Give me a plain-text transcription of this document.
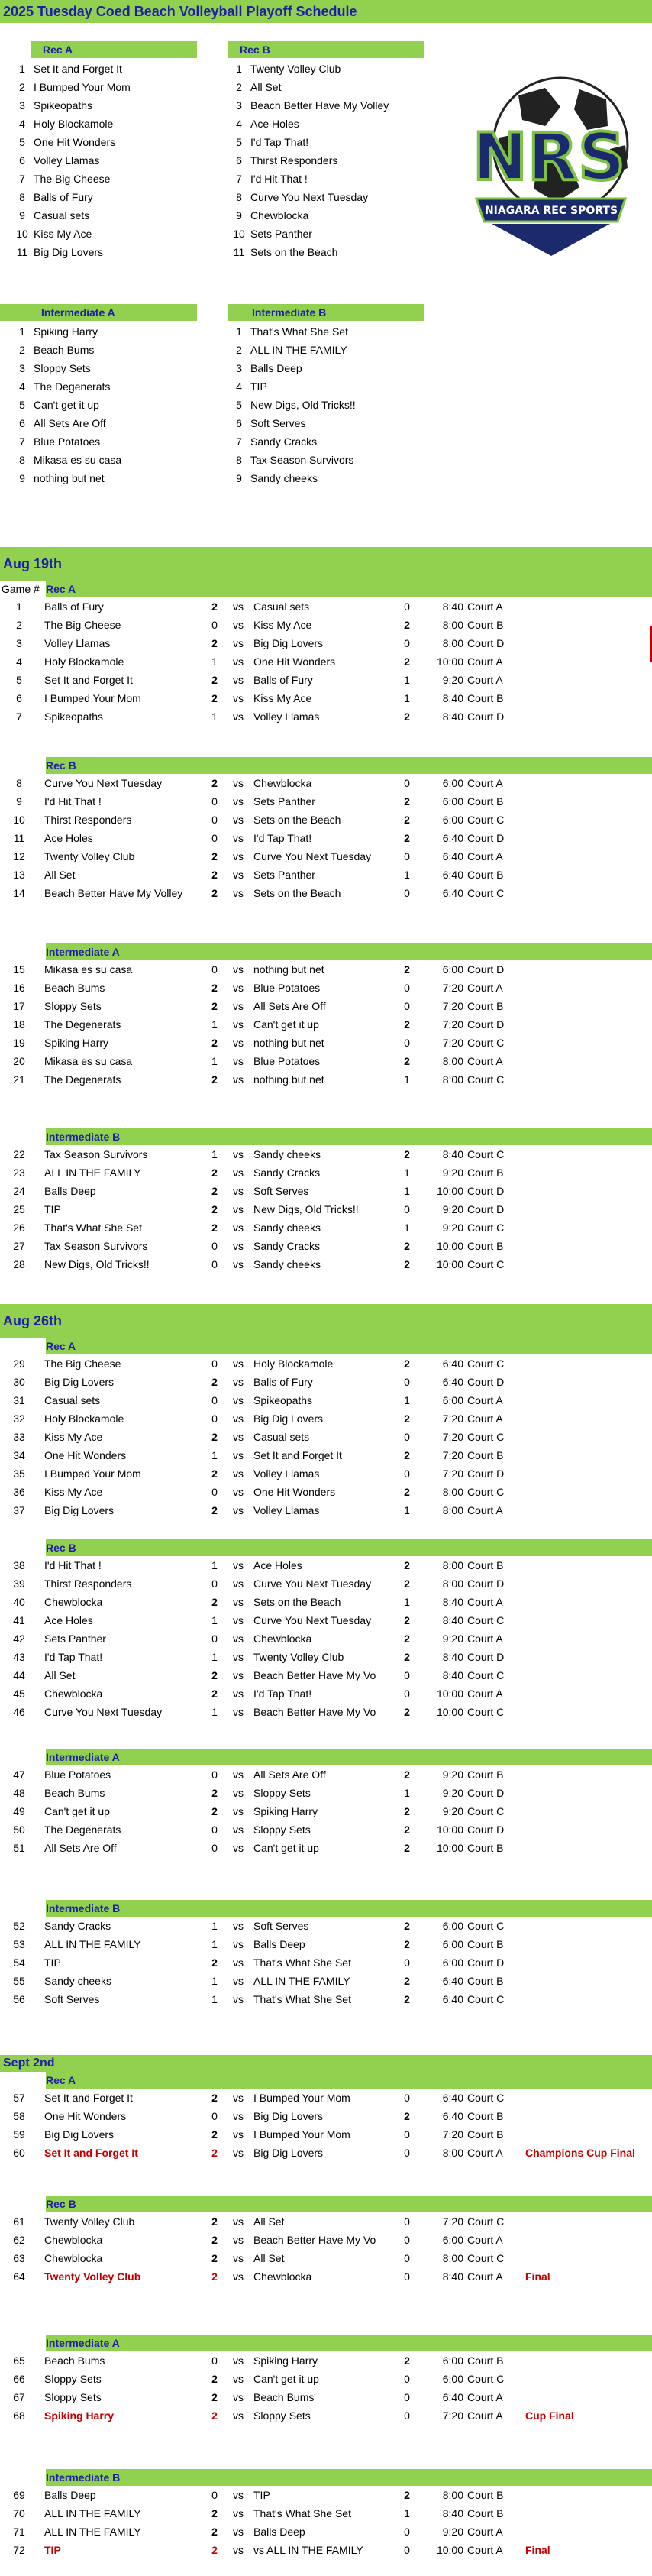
2025 Tuesday Coed Beach Volleyball Playoff Schedule
Rec A
1 Set It and Forget It
2 I Bumped Your Mom
3 Spikeopaths
4 Holy Blockamole
5 One Hit Wonders
6 Volley Llamas
7 The Big Cheese
8 Balls of Fury
9 Casual sets
10 Kiss My Ace
11 Big Dig Lovers
Rec B
1 Twenty Volley Club
2 All Set
3 Beach Better Have My Volley
4 Ace Holes
5 I'd Tap That!
6 Thirst Responders
7 I'd Hit That !
8 Curve You Next Tuesday
9 Chewblocka
10 Sets Panther
11 Sets on the Beach
Intermediate A
1 Spiking Harry
2 Beach Bums
3 Sloppy Sets
4 The Degenerats
5 Can't get it up
6 All Sets Are Off
7 Blue Potatoes
8 Mikasa es su casa
9 nothing but net
Intermediate B
1 That's What She Set
2 ALL IN THE FAMILY
3 Balls Deep
4 TIP
5 New Digs, Old Tricks!!
6 Soft Serves
7 Sandy Cracks
8 Tax Season Survivors
9 Sandy cheeks
NRS
NIAGARA REC SPORTS
Aug 19th
Game # Rec A
1	Balls of Fury	2	vs Casual sets	0	8:40 Court A
2	The Big Cheese	0	vs Kiss My Ace	2	8:00 Court B
3	Volley Llamas	2	vs Big Dig Lovers	0	8:00 Court D
4	Holy Blockamole	1	vs One Hit Wonders	2	10:00 Court A
5	Set It and Forget It	2	vs Balls of Fury	1	9:20 Court A
6	I Bumped Your Mom	2	vs Kiss My Ace	1	8:40 Court B
7	Spikeopaths	1	vs Volley Llamas	2	8:40 Court D
Rec B
8	Curve You Next Tuesday	2	vs Chewblocka	0	6:00 Court A
9	I'd Hit That !	0	vs Sets Panther	2	6:00 Court B
10	Thirst Responders	0	vs Sets on the Beach	2	6:00 Court C
11	Ace Holes	0	vs I'd Tap That!	2	6:40 Court D
12	Twenty Volley Club	2	vs Curve You Next Tuesday	0	6:40 Court A
13	All Set	2	vs Sets Panther	1	6:40 Court B
14	Beach Better Have My Volley	2	vs Sets on the Beach	0	6:40 Court C
Intermediate A
15	Mikasa es su casa	0	vs nothing but net	2	6:00 Court D
16	Beach Bums	2	vs Blue Potatoes	0	7:20 Court A
17	Sloppy Sets	2	vs All Sets Are Off	0	7:20 Court B
18	The Degenerats	1	vs Can't get it up	2	7:20 Court D
19	Spiking Harry	2	vs nothing but net	0	7:20 Court C
20	Mikasa es su casa	1	vs Blue Potatoes	2	8:00 Court A
21	The Degenerats	2	vs nothing but net	1	8:00 Court C
Intermediate B
22	Tax Season Survivors	1	vs Sandy cheeks	2	8:40 Court C
23	ALL IN THE FAMILY	2	vs Sandy Cracks	1	9:20 Court B
24	Balls Deep	2	vs Soft Serves	1	10:00 Court D
25	TIP	2	vs New Digs, Old Tricks!!	0	9:20 Court D
26	That's What She Set	2	vs Sandy cheeks	1	9:20 Court C
27	Tax Season Survivors	0	vs Sandy Cracks	2	10:00 Court B
28	New Digs, Old Tricks!!	0	vs Sandy cheeks	2	10:00 Court C
Aug 26th
Rec A
29	The Big Cheese	0	vs Holy Blockamole	2	6:40 Court C
30	Big Dig Lovers	2	vs Balls of Fury	0	6:40 Court D
31	Casual sets	0	vs Spikeopaths	1	6:00 Court A
32	Holy Blockamole	0	vs Big Dig Lovers	2	7:20 Court A
33	Kiss My Ace	2	vs Casual sets	0	7:20 Court C
34	One Hit Wonders	1	vs Set It and Forget It	2	7:20 Court B
35	I Bumped Your Mom	2	vs Volley Llamas	0	7:20 Court D
36	Kiss My Ace	0	vs One Hit Wonders	2	8:00 Court C
37	Big Dig Lovers	2	vs Volley Llamas	1	8:00 Court A
Rec B
38	I'd Hit That !	1	vs Ace Holes	2	8:00 Court B
39	Thirst Responders	0	vs Curve You Next Tuesday	2	8:00 Court D
40	Chewblocka	2	vs Sets on the Beach	1	8:40 Court A
41	Ace Holes	1	vs Curve You Next Tuesday	2	8:40 Court C
42	Sets Panther	0	vs Chewblocka	2	9:20 Court A
43	I'd Tap That!	1	vs Twenty Volley Club	2	8:40 Court D
44	All Set	2	vs Beach Better Have My Vo	0	8:40 Court C
45	Chewblocka	2	vs I'd Tap That!	0	10:00 Court A
46	Curve You Next Tuesday	1	vs Beach Better Have My Vo	2	10:00 Court C
Intermediate A
47	Blue Potatoes	0	vs All Sets Are Off	2	9:20 Court B
48	Beach Bums	2	vs Sloppy Sets	1	9:20 Court D
49	Can't get it up	2	vs Spiking Harry	2	9:20 Court C
50	The Degenerats	0	vs Sloppy Sets	2	10:00 Court D
51	All Sets Are Off	0	vs Can't get it up	2	10:00 Court B
Intermediate B
52	Sandy Cracks	1	vs Soft Serves	2	6:00 Court C
53	ALL IN THE FAMILY	1	vs Balls Deep	2	6:00 Court B
54	TIP	2	vs That's What She Set	0	6:00 Court D
55	Sandy cheeks	1	vs ALL IN THE FAMILY	2	6:40 Court B
56	Soft Serves	1	vs That's What She Set	2	6:40 Court C
Sept 2nd
Rec A
57	Set It and Forget It	2	vs I Bumped Your Mom	0	6:40 Court C
58	One Hit Wonders	0	vs Big Dig Lovers	2	6:40 Court B
59	Big Dig Lovers	2	vs I Bumped Your Mom	0	7:20 Court B
60	Set It and Forget It	2	vs Big Dig Lovers	0	8:00 Court A	Champions Cup Final
Rec B
61	Twenty Volley Club	2	vs All Set	0	7:20 Court C
62	Chewblocka	2	vs Beach Better Have My Vo	0	6:00 Court A
63	Chewblocka	2	vs All Set	0	8:00 Court C
64	Twenty Volley Club	2	vs Chewblocka	0	8:40 Court A	Final
Intermediate A
65	Beach Bums	0	vs Spiking Harry	2	6:00 Court B
66	Sloppy Sets	2	vs Can't get it up	0	6:00 Court C
67	Sloppy Sets	2	vs Beach Bums	0	6:40 Court A
68	Spiking Harry	2	vs Sloppy Sets	0	7:20 Court A	Cup Final
Intermediate B
69	Balls Deep	0	vs TIP	2	8:00 Court B
70	ALL IN THE FAMILY	2	vs That's What She Set	1	8:40 Court B
71	ALL IN THE FAMILY	2	vs Balls Deep	0	9:20 Court A
72	TIP	2	vs vs ALL IN THE FAMILY	0	10:00 Court A	Final
